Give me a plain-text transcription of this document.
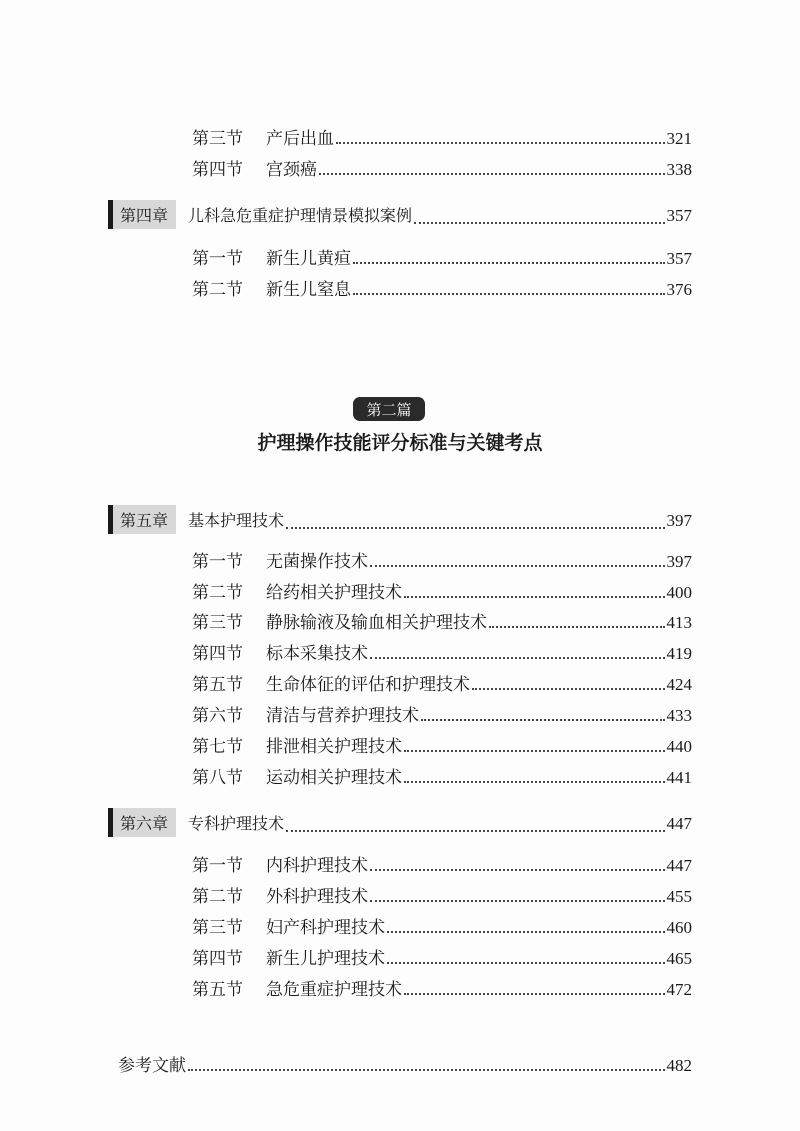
第三节	产后出血	321
第四节	宫颈癌	338
第四章	儿科急危重症护理情景模拟案例	357
第一节	新生儿黄疸	357
第二节	新生儿窒息	376
第二篇
护理操作技能评分标准与关键考点
第五章	基本护理技术	397
第一节	无菌操作技术	397
第二节	给药相关护理技术	400
第三节	静脉输液及输血相关护理技术	413
第四节	标本采集技术	419
第五节	生命体征的评估和护理技术	424
第六节	清洁与营养护理技术	433
第七节	排泄相关护理技术	440
第八节	运动相关护理技术	441
第六章	专科护理技术	447
第一节	内科护理技术	447
第二节	外科护理技术	455
第三节	妇产科护理技术	460
第四节	新生儿护理技术	465
第五节	急危重症护理技术	472
参考文献	482
